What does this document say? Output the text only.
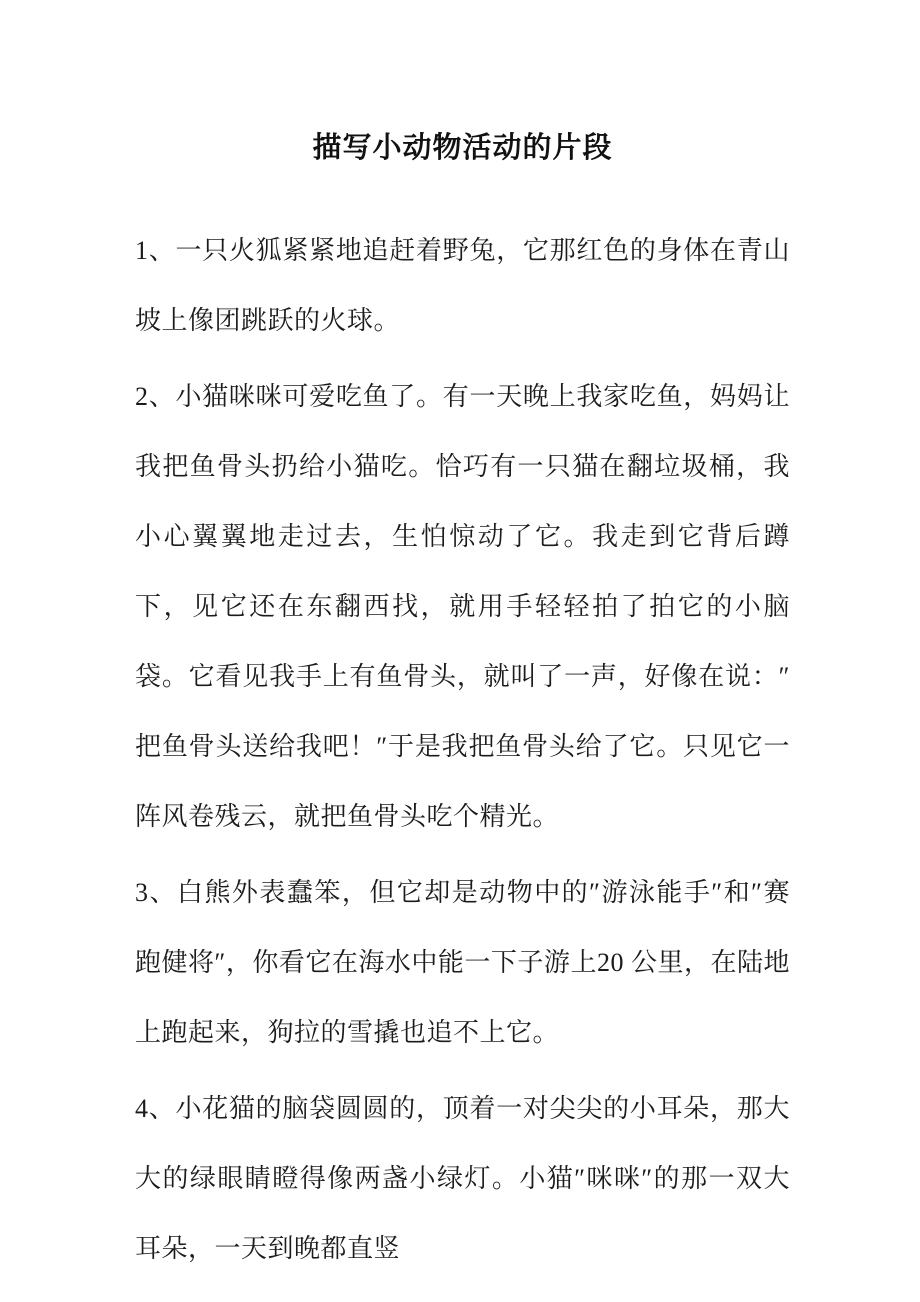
描写小动物活动的片段

1、一只火狐紧紧地追赶着野兔，它那红色的身体在青山坡上像团跳跃的火球。

2、小猫咪咪可爱吃鱼了。有一天晚上我家吃鱼，妈妈让我把鱼骨头扔给小猫吃。恰巧有一只猫在翻垃圾桶，我小心翼翼地走过去，生怕惊动了它。我走到它背后蹲下，见它还在东翻西找，就用手轻轻拍了拍它的小脑袋。它看见我手上有鱼骨头，就叫了一声，好像在说：″把鱼骨头送给我吧！″于是我把鱼骨头给了它。只见它一阵风卷残云，就把鱼骨头吃个精光。

3、白熊外表蠢笨，但它却是动物中的″游泳能手″和″赛跑健将″，你看它在海水中能一下子游上20 公里，在陆地上跑起来，狗拉的雪撬也追不上它。

4、小花猫的脑袋圆圆的，顶着一对尖尖的小耳朵，那大大的绿眼睛瞪得像两盏小绿灯。小猫″咪咪″的那一双大耳朵，一天到晚都直竖
